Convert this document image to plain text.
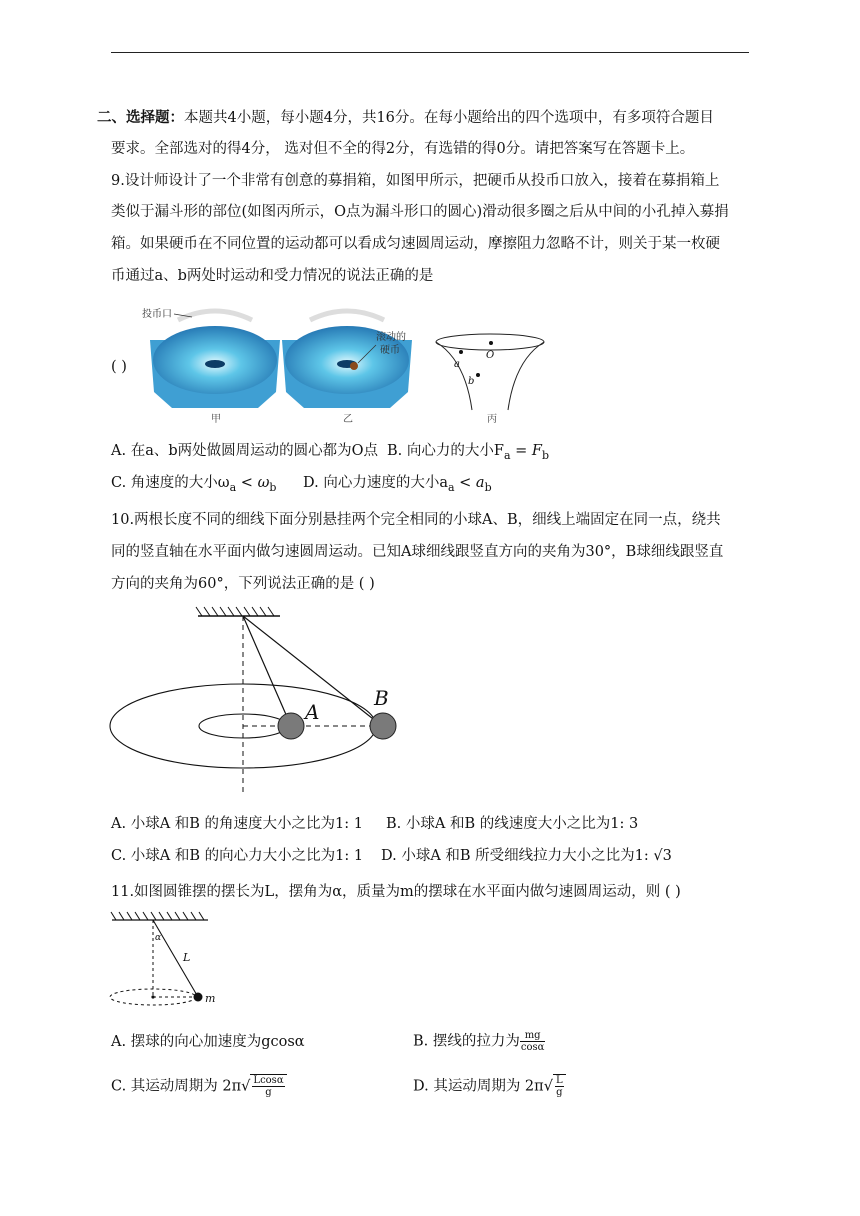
二、选择题：本题共4小题，每小题4分，共16分。在每小题给出的四个选项中，有多项符合题目
要求。全部选对的得4分， 选对但不全的得2分，有选错的得0分。请把答案写在答题卡上。
9.设计师设计了一个非常有创意的募捐箱，如图甲所示，把硬币从投币口放入，接着在募捐箱上
类似于漏斗形的部位(如图丙所示，O点为漏斗形口的圆心)滑动很多圈之后从中间的小孔掉入募捐
箱。如果硬币在不同位置的运动都可以看成匀速圆周运动，摩擦阻力忽略不计，则关于某一枚硬
币通过a、b两处时运动和受力情况的说法正确的是
( )
投币口
甲
滚动的
硬币
乙
O
a
b
丙
A. 在a、b两处做圆周运动的圆心都为O点 B. 向心力的大小$F_a = F_b$
C. 角速度的大小$\omega_a < \omega_b$ D. 向心力速度的大小$a_a < a_b$
10.两根长度不同的细线下面分别悬挂两个完全相同的小球A、B，细线上端固定在同一点，绕共
同的竖直轴在水平面内做匀速圆周运动。已知A球细线跟竖直方向的夹角为30°，B球细线跟竖直
方向的夹角为60°，下列说法正确的是 ( )
A
B
A. 小球A 和B 的角速度大小之比为1: 1 B. 小球A 和B 的线速度大小之比为1: 3
C. 小球A 和B 的向心力大小之比为1: 1 D. 小球A 和B 所受细线拉力大小之比为1: √3
11.如图圆锥摆的摆长为L，摆角为α，质量为m的摆球在水平面内做匀速圆周运动，则 ( )
α
L
m
A. 摆球的向心加速度为gcosα	B. 摆线的拉力为 $\frac{mg}{\cos\alpha}$
C. 其运动周期为 $2\pi√ \frac{Lcos\alpha}{g}$	D. 其运动周期为 $2\pi√ \frac{L}{g}$
